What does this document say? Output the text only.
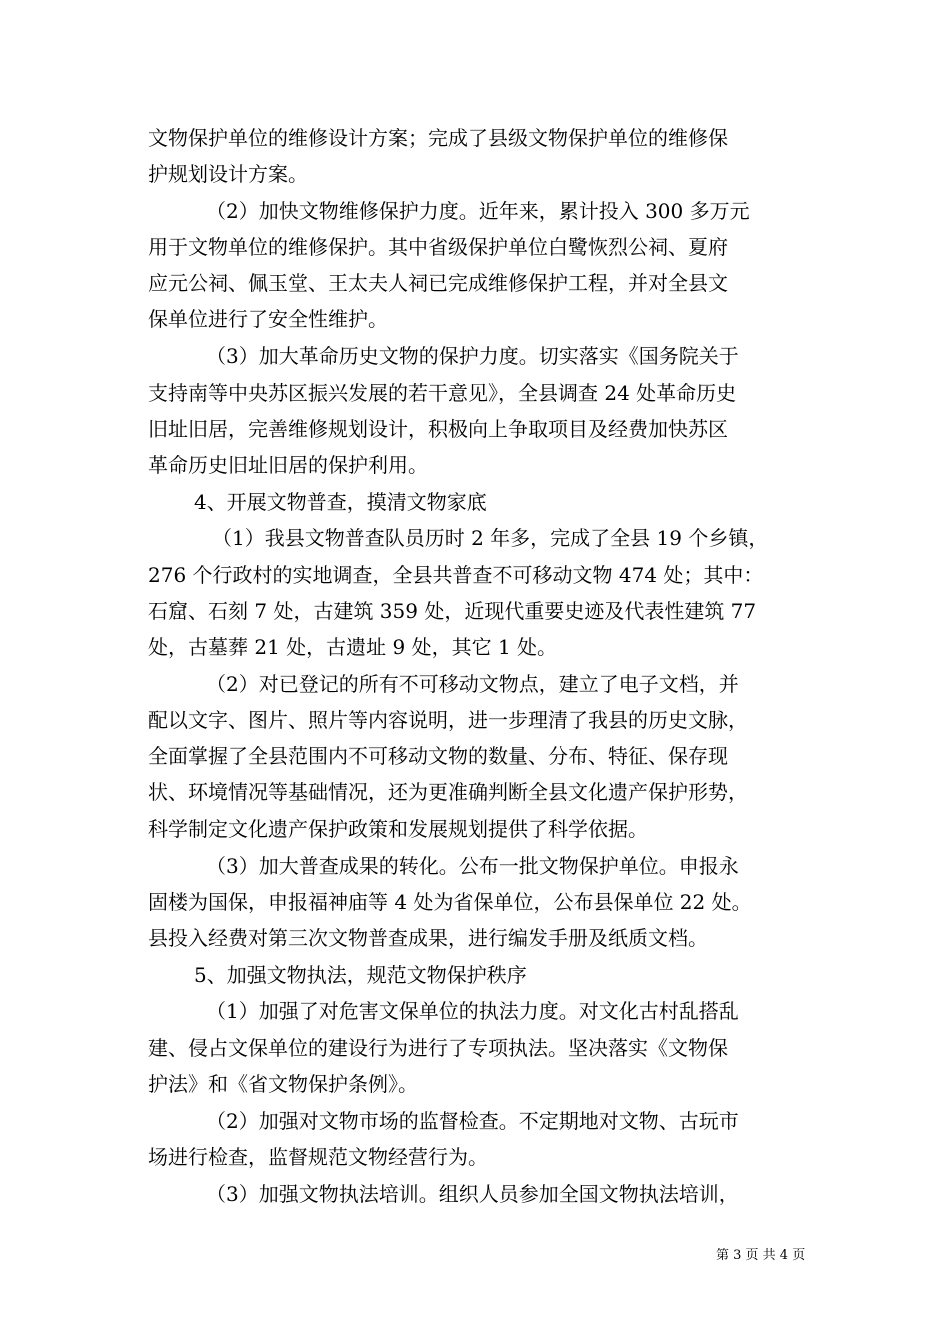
文物保护单位的维修设计方案；完成了县级文物保护单位的维修保
护规划设计方案。
（2）加快文物维修保护力度。近年来，累计投入 300 多万元
用于文物单位的维修保护。其中省级保护单位白鹭恢烈公祠、夏府
应元公祠、佩玉堂、王太夫人祠已完成维修保护工程，并对全县文
保单位进行了安全性维护。
（3）加大革命历史文物的保护力度。切实落实《国务院关于
支持南等中央苏区振兴发展的若干意见》，全县调查 24 处革命历史
旧址旧居，完善维修规划设计，积极向上争取项目及经费加快苏区
革命历史旧址旧居的保护利用。
4、开展文物普查，摸清文物家底
（1）我县文物普查队员历时 2 年多，完成了全县 19 个乡镇，
276 个行政村的实地调查，全县共普查不可移动文物 474 处；其中：
石窟、石刻 7 处，古建筑 359 处，近现代重要史迹及代表性建筑 77
处，古墓葬 21 处，古遗址 9 处，其它 1 处。
（2）对已登记的所有不可移动文物点，建立了电子文档，并
配以文字、图片、照片等内容说明，进一步理清了我县的历史文脉，
全面掌握了全县范围内不可移动文物的数量、分布、特征、保存现
状、环境情况等基础情况，还为更准确判断全县文化遗产保护形势，
科学制定文化遗产保护政策和发展规划提供了科学依据。
（3）加大普查成果的转化。公布一批文物保护单位。申报永
固楼为国保，申报福神庙等 4 处为省保单位，公布县保单位 22 处。
县投入经费对第三次文物普查成果，进行编发手册及纸质文档。
5、加强文物执法，规范文物保护秩序
（1）加强了对危害文保单位的执法力度。对文化古村乱搭乱
建、侵占文保单位的建设行为进行了专项执法。坚决落实《文物保
护法》和《省文物保护条例》。
（2）加强对文物市场的监督检查。不定期地对文物、古玩市
场进行检查，监督规范文物经营行为。
（3）加强文物执法培训。组织人员参加全国文物执法培训，
第 3 页 共 4 页
